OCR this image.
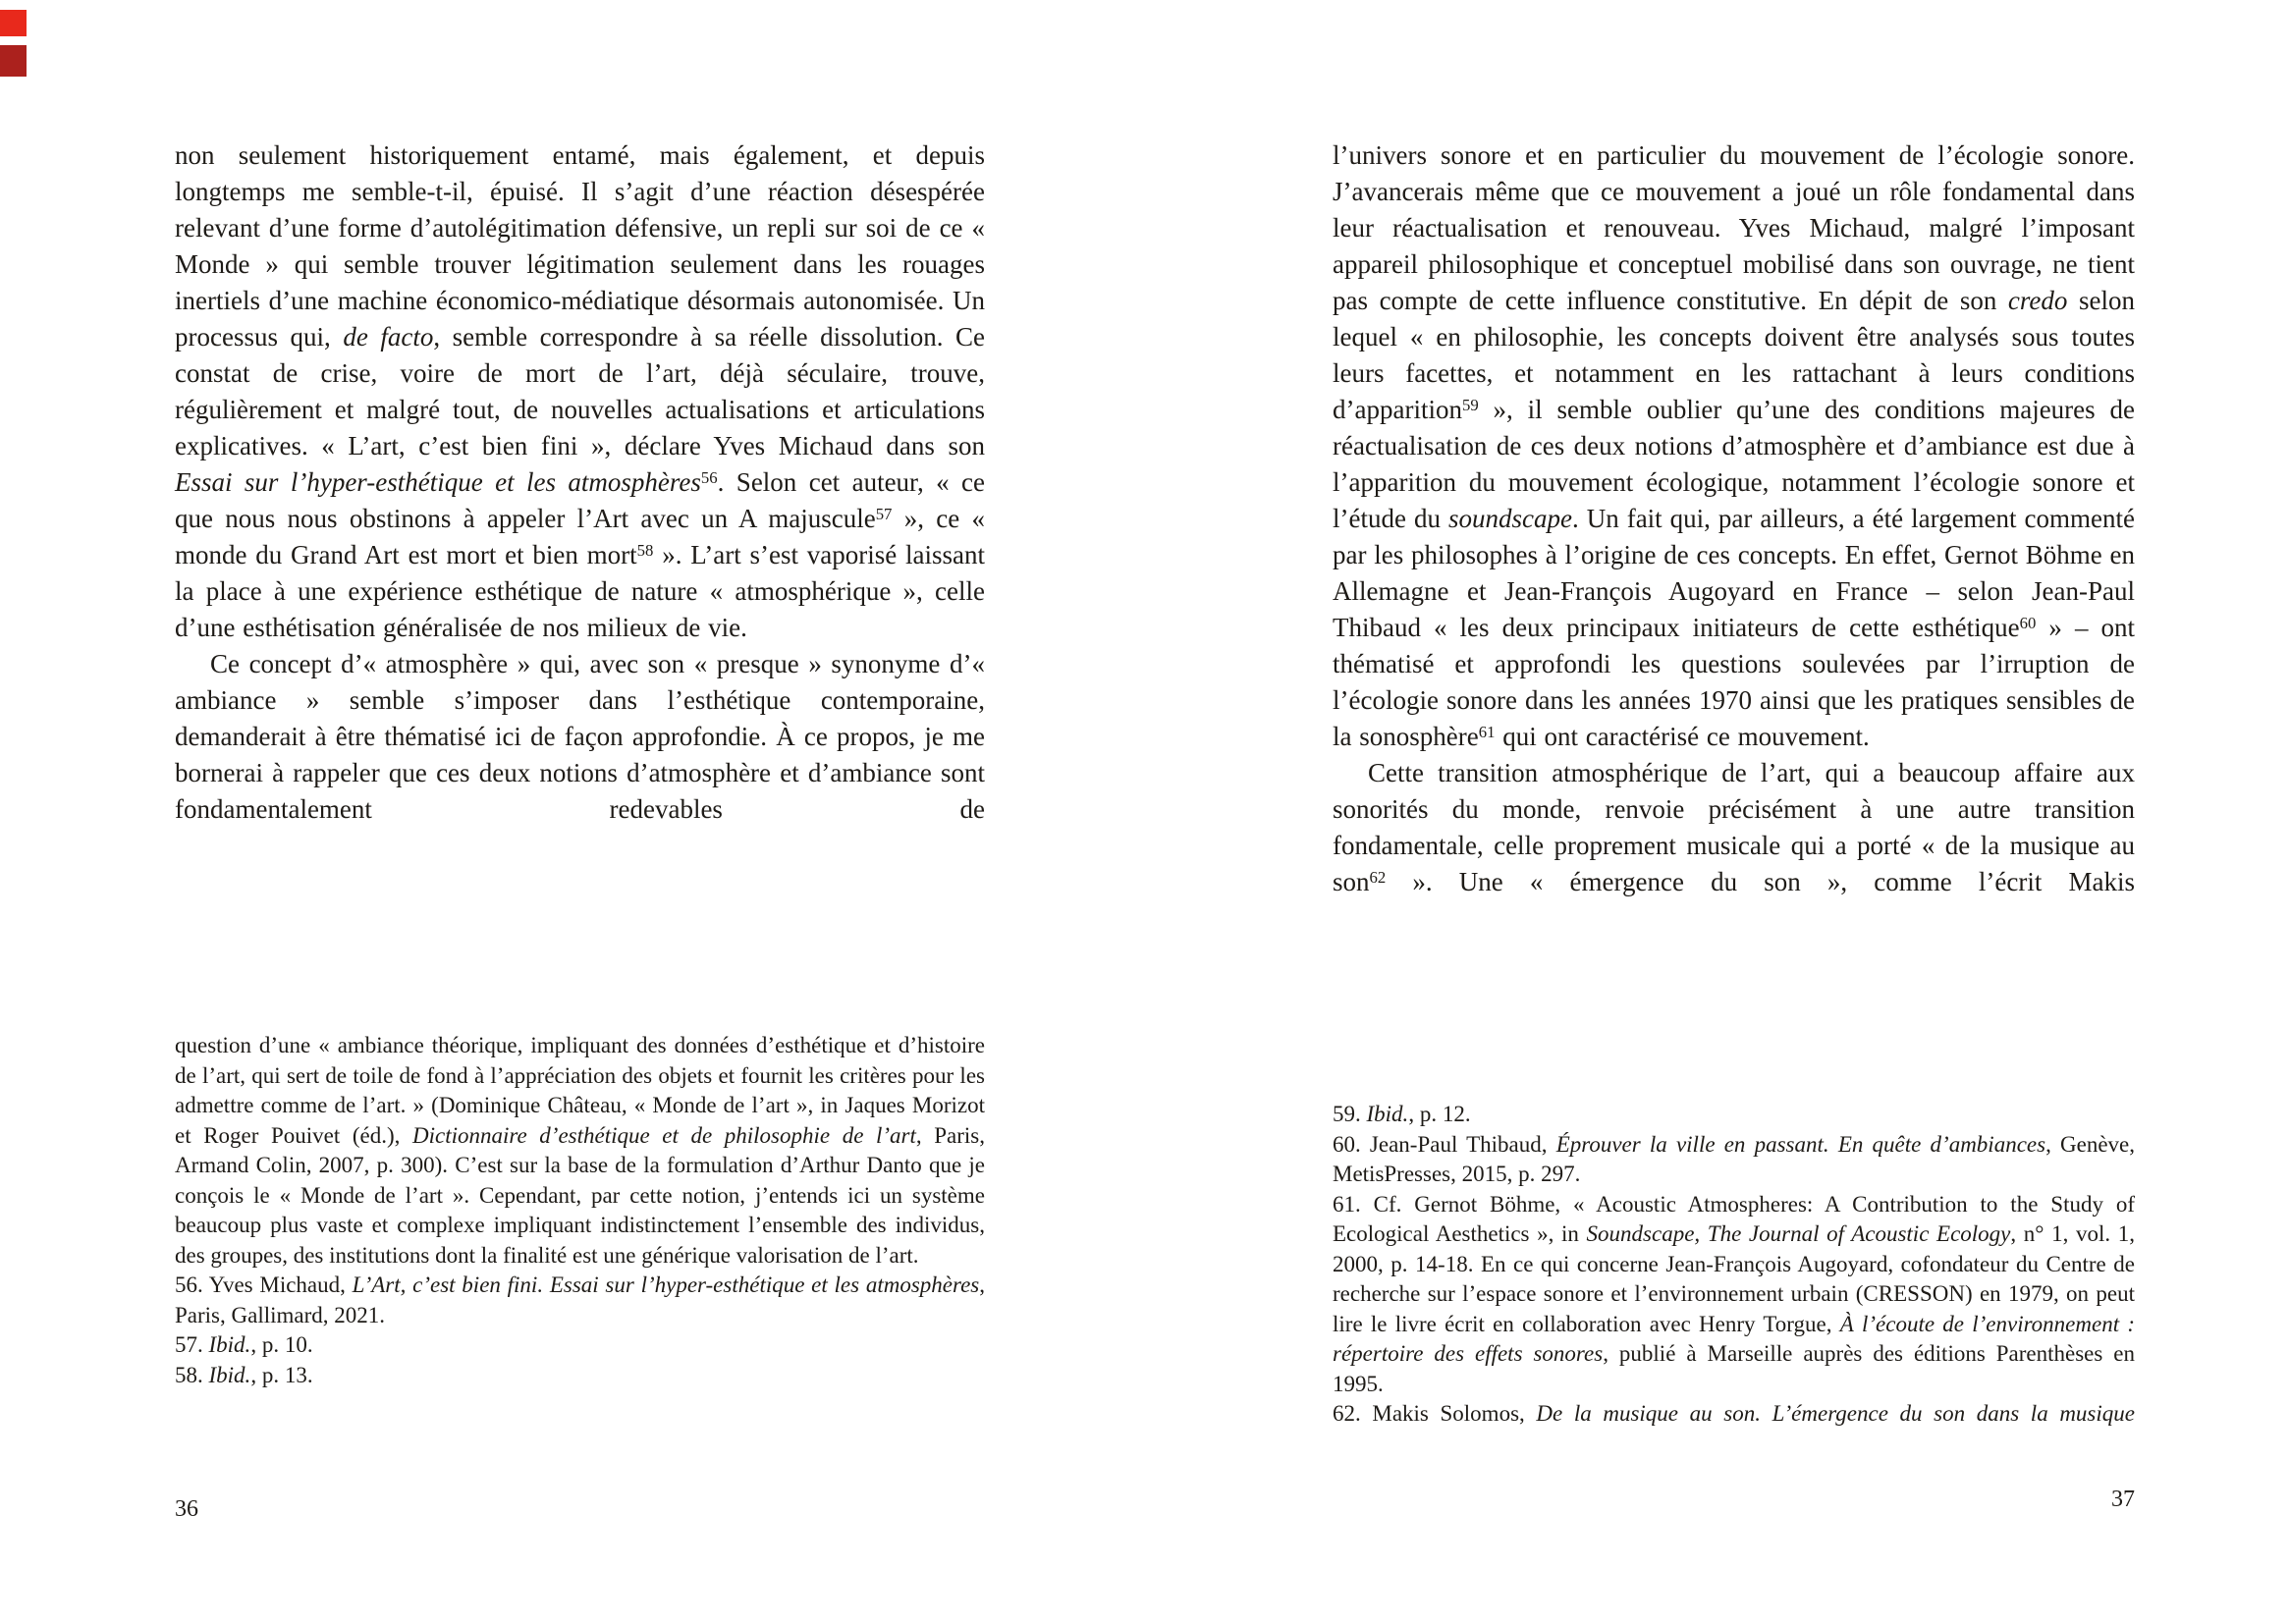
non seulement historiquement entamé, mais également, et depuis longtemps me semble-t-il, épuisé. Il s’agit d’une réaction désespérée relevant d’une forme d’autolégitimation défensive, un repli sur soi de ce « Monde » qui semble trouver légitimation seulement dans les rouages inertiels d’une machine économico-médiatique désormais autonomisée. Un processus qui, de facto, semble correspondre à sa réelle dissolution. Ce constat de crise, voire de mort de l’art, déjà séculaire, trouve, régulièrement et malgré tout, de nouvelles actualisations et articulations explicatives. « L’art, c’est bien fini », déclare Yves Michaud dans son Essai sur l’hyper-esthétique et les atmosphères$^{56}$. Selon cet auteur, « ce que nous nous obstinons à appeler l’Art avec un A majuscule$^{57}$ », ce « monde du Grand Art est mort et bien mort$^{58}$ ». L’art s’est vaporisé laissant la place à une expérience esthétique de nature « atmosphérique », celle d’une esthétisation généralisée de nos milieux de vie.

Ce concept d’« atmosphère » qui, avec son « presque » synonyme d’« ambiance » semble s’imposer dans l’esthétique contemporaine, demanderait à être thématisé ici de façon approfondie. À ce propos, je me bornerai à rappeler que ces deux notions d’atmosphère et d’ambiance sont fondamentalement redevables de

question d’une « ambiance théorique, impliquant des données d’esthétique et d’histoire de l’art, qui sert de toile de fond à l’appréciation des objets et fournit les critères pour les admettre comme de l’art. » (Dominique Château, « Monde de l’art », in Jaques Morizot et Roger Pouivet (éd.), Dictionnaire d’esthétique et de philosophie de l’art, Paris, Armand Colin, 2007, p. 300). C’est sur la base de la formulation d’Arthur Danto que je conçois le « Monde de l’art ». Cependant, par cette notion, j’entends ici un système beaucoup plus vaste et complexe impliquant indistinctement l’ensemble des individus, des groupes, des institutions dont la finalité est une générique valorisation de l’art.

56. Yves Michaud, L’Art, c’est bien fini. Essai sur l’hyper-esthétique et les atmosphères, Paris, Gallimard, 2021.

57. Ibid., p. 10.

58. Ibid., p. 13.

36

l’univers sonore et en particulier du mouvement de l’écologie sonore. J’avancerais même que ce mouvement a joué un rôle fondamental dans leur réactualisation et renouveau. Yves Michaud, malgré l’imposant appareil philosophique et conceptuel mobilisé dans son ouvrage, ne tient pas compte de cette influence constitutive. En dépit de son credo selon lequel « en philosophie, les concepts doivent être analysés sous toutes leurs facettes, et notamment en les rattachant à leurs conditions d’apparition$^{59}$ », il semble oublier qu’une des conditions majeures de réactualisation de ces deux notions d’atmosphère et d’ambiance est due à l’apparition du mouvement écologique, notamment l’écologie sonore et l’étude du soundscape. Un fait qui, par ailleurs, a été largement commenté par les philosophes à l’origine de ces concepts. En effet, Gernot Böhme en Allemagne et Jean-François Augoyard en France – selon Jean-Paul Thibaud « les deux principaux initiateurs de cette esthétique$^{60}$ » – ont thématisé et approfondi les questions soulevées par l’irruption de l’écologie sonore dans les années 1970 ainsi que les pratiques sensibles de la sonosphère$^{61}$ qui ont caractérisé ce mouvement.

Cette transition atmosphérique de l’art, qui a beaucoup affaire aux sonorités du monde, renvoie précisément à une autre transition fondamentale, celle proprement musicale qui a porté « de la musique au son$^{62}$ ». Une « émergence du son », comme l’écrit Makis

59. Ibid., p. 12.

60. Jean-Paul Thibaud, Éprouver la ville en passant. En quête d’ambiances, Genève, MetisPresses, 2015, p. 297.

61. Cf. Gernot Böhme, « Acoustic Atmospheres: A Contribution to the Study of Ecological Aesthetics », in Soundscape, The Journal of Acoustic Ecology, n° 1, vol. 1, 2000, p. 14-18. En ce qui concerne Jean-François Augoyard, cofondateur du Centre de recherche sur l’espace sonore et l’environnement urbain (CRESSON) en 1979, on peut lire le livre écrit en collaboration avec Henry Torgue, À l’écoute de l’environnement : répertoire des effets sonores, publié à Marseille auprès des éditions Parenthèses en 1995.

62. Makis Solomos, De la musique au son. L’émergence du son dans la musique

37
